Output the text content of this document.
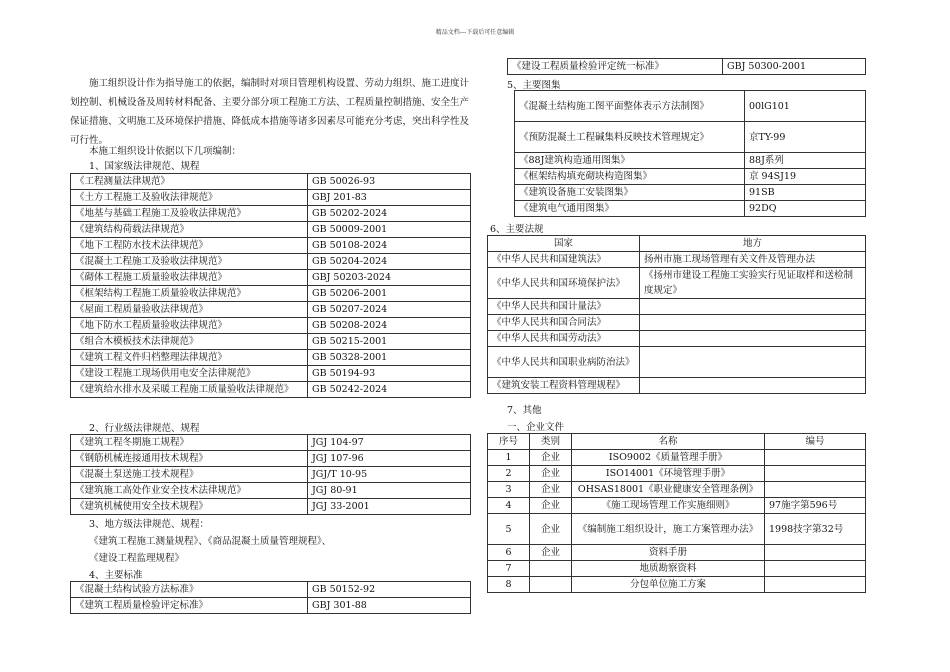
精品文档---下载后可任意编辑

施工组织设计作为指导施工的依据，编制时对项目管理机构设置、劳动力组织、施工进度计划控制、机械设备及周转材料配备、主要分部分项工程施工方法、工程质量控制措施、安全生产保证措施、文明施工及环境保护措施、降低成本措施等诸多因素尽可能充分考虑，突出科学性及可行性。

本施工组织设计依据以下几项编制：
1、国家级法律规范、规程
《工程测量法律规范》	GB 50026-93
《土方工程施工及验收法律规范》	GBJ 201-83
《地基与基础工程施工及验收法律规范》	GB 50202-2024
《建筑结构荷载法律规范》	GB 50009-2001
《地下工程防水技术法律规范》	GB 50108-2024
《混凝土工程施工及验收法律规范》	GB 50204-2024
《砌体工程施工质量验收法律规范》	GBJ 50203-2024
《框架结构工程施工质量验收法律规范》	GB 50206-2001
《屋面工程质量验收法律规范》	GB 50207-2024
《地下防水工程质量验收法律规范》	GB 50208-2024
《组合木模板技术法律规范》	GB 50215-2001
《建筑工程文件归档整理法律规范》	GB 50328-2001
《建设工程施工现场供用电安全法律规范》	GB 50194-93
《建筑给水排水及采暖工程施工质量验收法律规范》	GB 50242-2024
2、行业级法律规范、规程
《建筑工程冬期施工规程》	JGJ 104-97
《钢筋机械连接通用技术规程》	JGJ 107-96
《混凝土泵送施工技术规程》	JGJ/T 10-95
《建筑施工高处作业安全技术法律规范》	JGJ 80-91
《建筑机械使用安全技术规程》	JGJ 33-2001
3、地方级法律规范、规程：
《建筑工程施工测量规程》、《商品混凝土质量管理规程》、
《建设工程监理规程》
4、主要标准
《混凝土结构试验方法标准》	GB 50152-92
《建筑工程质量检验评定标准》	GBJ 301-88
《建设工程质量检验评定统一标准》	GBJ 50300-2001
5、主要图集
《混凝土结构施工图平面整体表示方法制图》	00lG101
《预防混凝土工程碱集料反映技术管理规定》	京TY-99
《88J建筑构造通用图集》	88J系列
《框架结构填充砌块构造图集》	京 94SJ19
《建筑设备施工安装图集》	91SB
《建筑电气通用图集》	92DQ
6、主要法规
国家	地方
《中华人民共和国建筑法》	扬州市施工现场管理有关文件及管理办法
《中华人民共和国环境保护法》	《扬州市建设工程施工实验实行见证取样和送检制度规定》
《中华人民共和国计量法》	
《中华人民共和国合同法》	
《中华人民共和国劳动法》	
《中华人民共和国职业病防治法》	
《建筑安装工程资料管理规程》	
7、其他
一、企业文件
序号	类别	名称	编号
1	企业	ISO9002《质量管理手册》	
2	企业	ISO14001《环境管理手册》	
3	企业	OHSAS18001《职业健康安全管理条例》	
4	企业	《施工现场管理工作实施细则》	97施字第596号
5	企业	《编制施工组织设计，施工方案管理办法》	1998技字第32号
6	企业	资料手册	
7		地质勘察资料	
8		分包单位施工方案	
